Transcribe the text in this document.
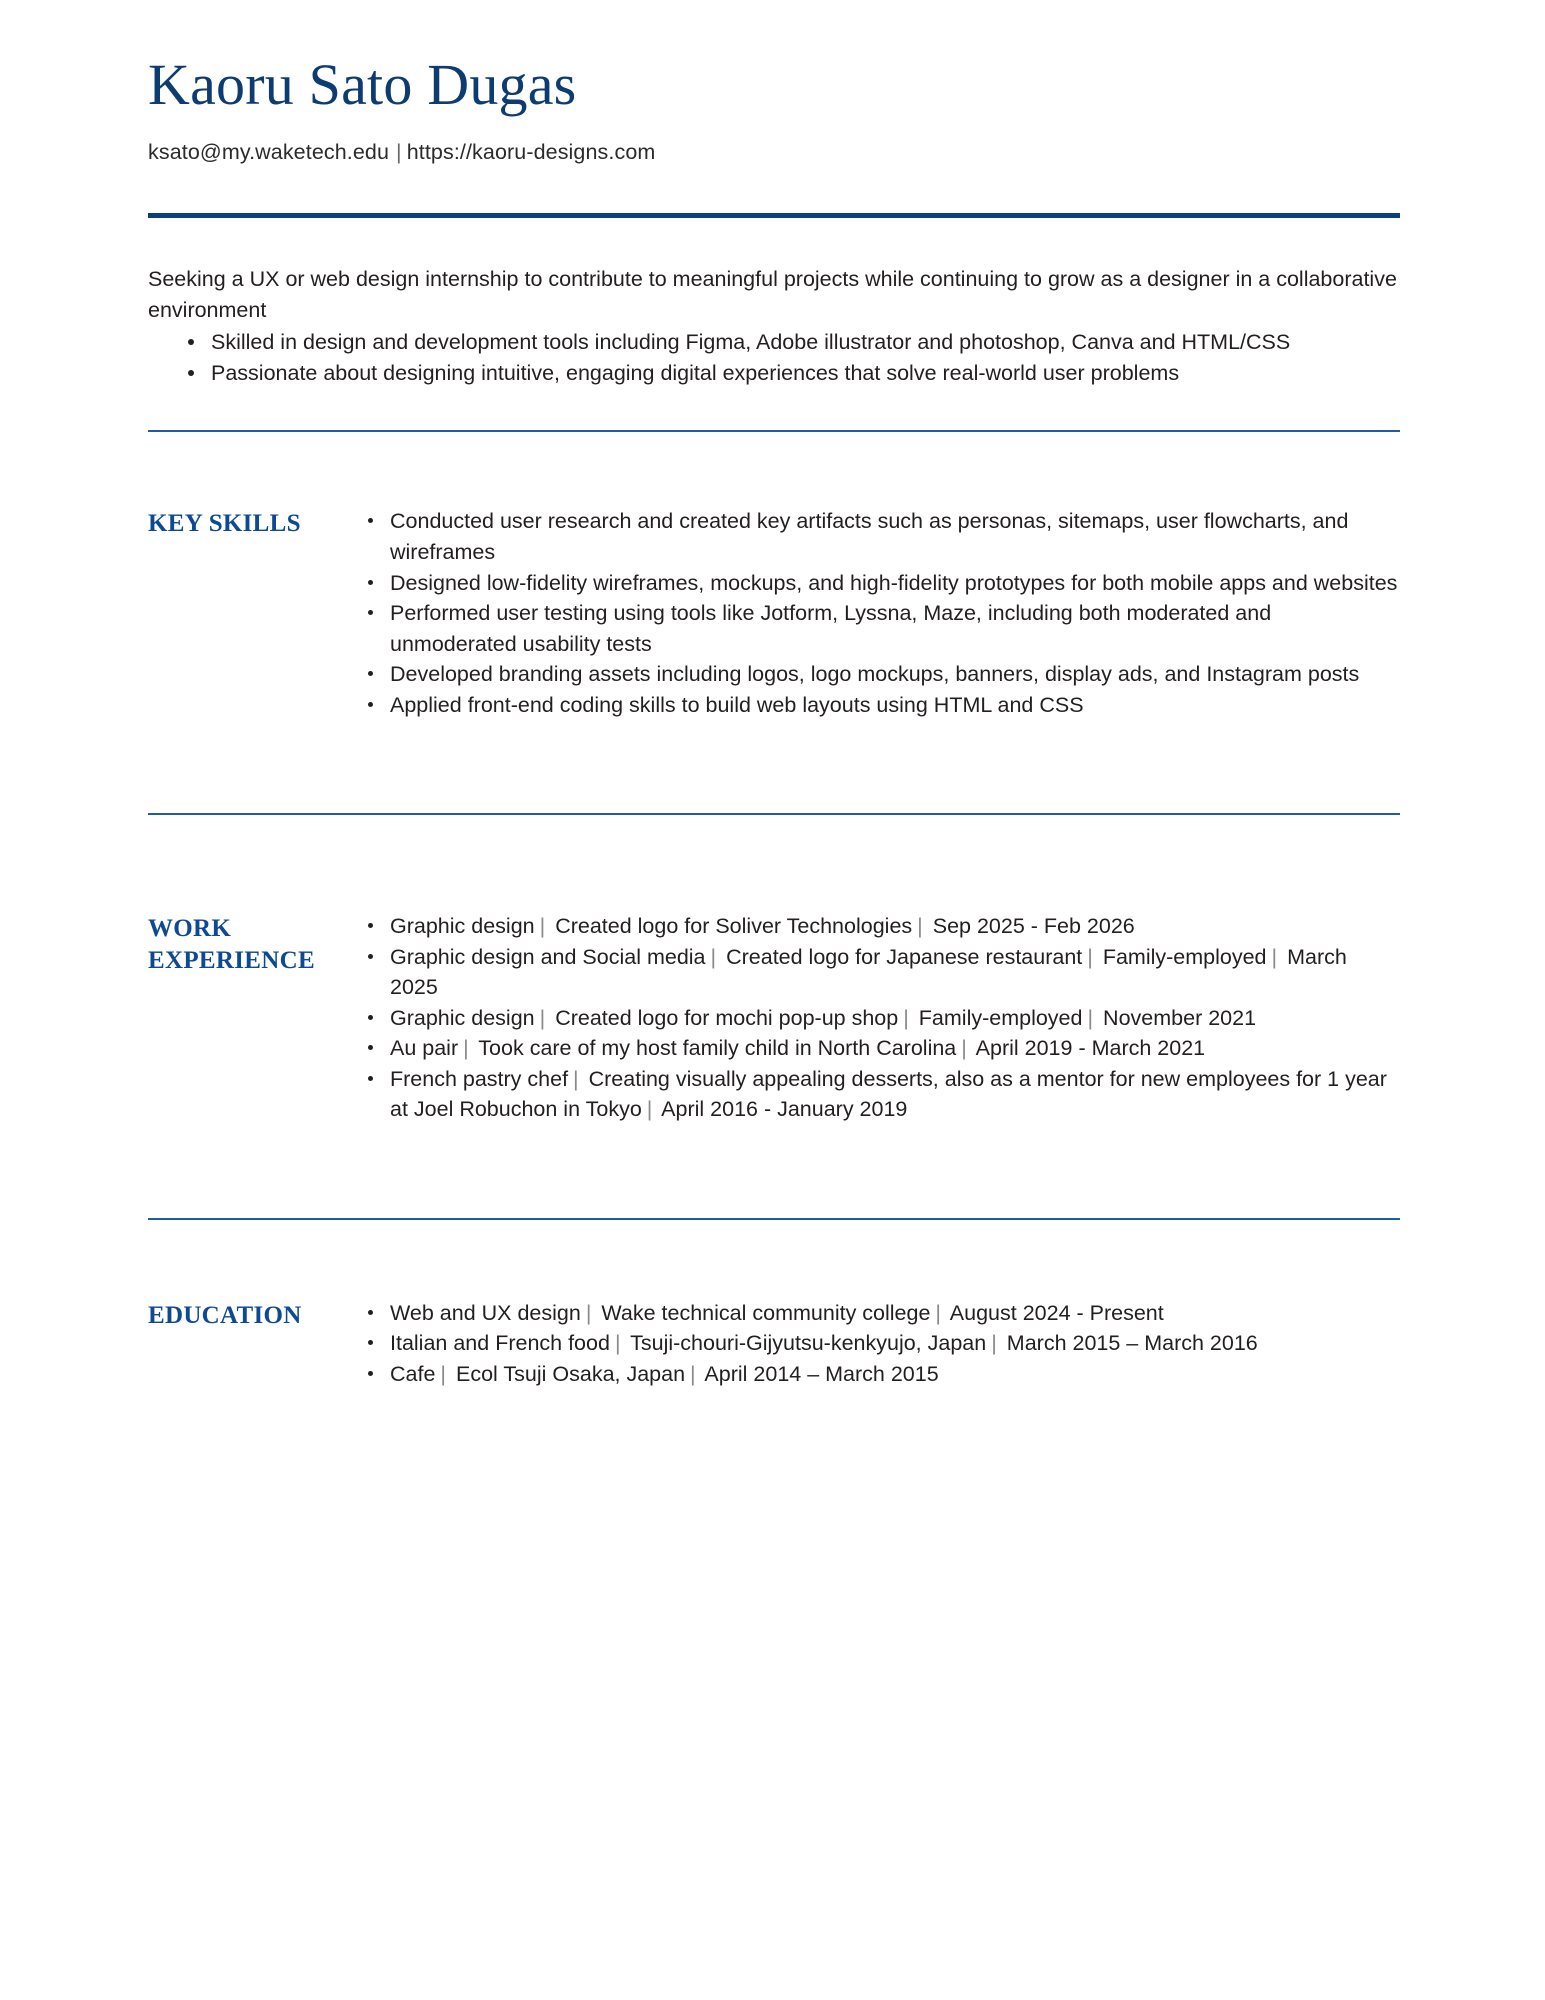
Kaoru Sato Dugas
ksato@my.waketech.edu | https://kaoru-designs.com

Seeking a UX or web design internship to contribute to meaningful projects while continuing to grow as a designer in a collaborative environment

Skilled in design and development tools including Figma, Adobe illustrator and photoshop, Canva and HTML/CSS
Passionate about designing intuitive, engaging digital experiences that solve real-world user problems
KEY SKILLS	Conducted user research and created key artifacts such as personas, sitemaps, user flowcharts, and wireframes
Designed low-fidelity wireframes, mockups, and high-fidelity prototypes for both mobile apps and websites
Performed user testing using tools like Jotform, Lyssna, Maze, including both moderated and unmoderated usability tests
Developed branding assets including logos, logo mockups, banners, display ads, and Instagram posts
Applied front-end coding skills to build web layouts using HTML and CSS
WORK
EXPERIENCE
Graphic design | Created logo for Soliver Technologies | Sep 2025 - Feb 2026
Graphic design and Social media | Created logo for Japanese restaurant | Family-employed | March 2025
Graphic design | Created logo for mochi pop-up shop | Family-employed | November 2021
Au pair | Took care of my host family child in North Carolina | April 2019 - March 2021
French pastry chef | Creating visually appealing desserts, also as a mentor for new employees for 1 year at Joel Robuchon in Tokyo | April 2016 - January 2019
EDUCATION	Web and UX design | Wake technical community college | August 2024 - Present
Italian and French food | Tsuji-chouri-Gijyutsu-kenkyujo, Japan | March 2015 – March 2016
Cafe | Ecol Tsuji Osaka, Japan | April 2014 – March 2015
